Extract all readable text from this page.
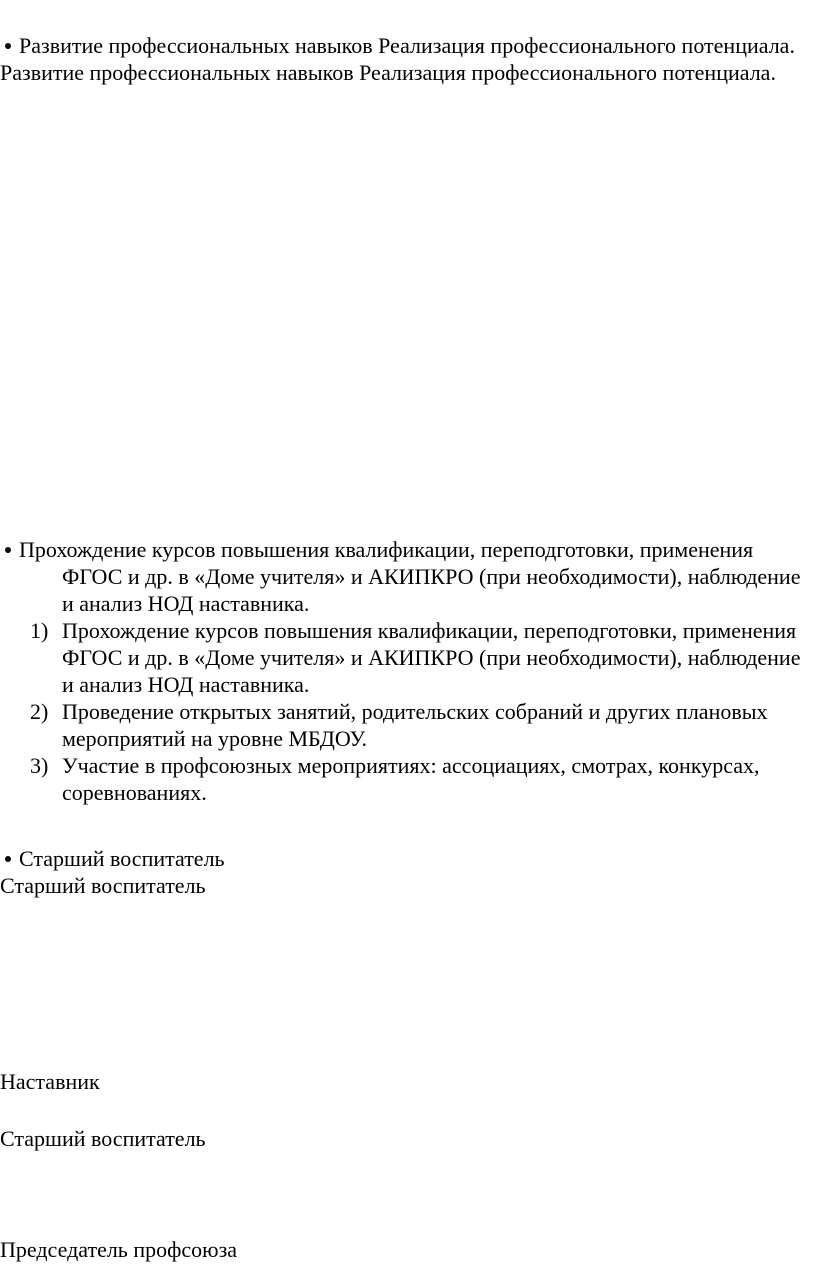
Развитие профессиональных навыков Реализация профессионального потенциала.

Развитие профессиональных навыков Реализация профессионального потенциала.

Прохождение курсов повышения квалификации, переподготовки, применения ФГОС и др. в «Доме учителя» и АКИПКРО (при необходимости), наблюдение и анализ НОД наставника.

1) Прохождение курсов повышения квалификации, переподготовки, применения ФГОС и др. в «Доме учителя» и АКИПКРО (при необходимости), наблюдение и анализ НОД наставника.
2) Проведение открытых занятий, родительских собраний и других плановых мероприятий на уровне МБДОУ.
3) Участие в профсоюзных мероприятиях: ассоциациях, смотрах, конкурсах, соревнованиях.

Старший воспитатель

Старший воспитатель

Наставник

Старший воспитатель

Председатель профсоюза
